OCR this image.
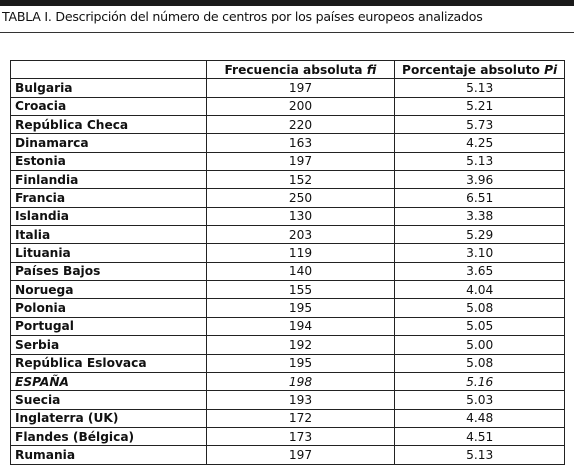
TABLA I. Descripción del número de centros por los países europeos analizados
	Frecuencia absoluta fi	Porcentaje absoluto Pi
Bulgaria	197	5.13
Croacia	200	5.21
República Checa	220	5.73
Dinamarca	163	4.25
Estonia	197	5.13
Finlandia	152	3.96
Francia	250	6.51
Islandia	130	3.38
Italia	203	5.29
Lituania	119	3.10
Países Bajos	140	3.65
Noruega	155	4.04
Polonia	195	5.08
Portugal	194	5.05
Serbia	192	5.00
República Eslovaca	195	5.08
ESPAÑA	198	5.16
Suecia	193	5.03
Inglaterra (UK)	172	4.48
Flandes (Bélgica)	173	4.51
Rumania	197	5.13
